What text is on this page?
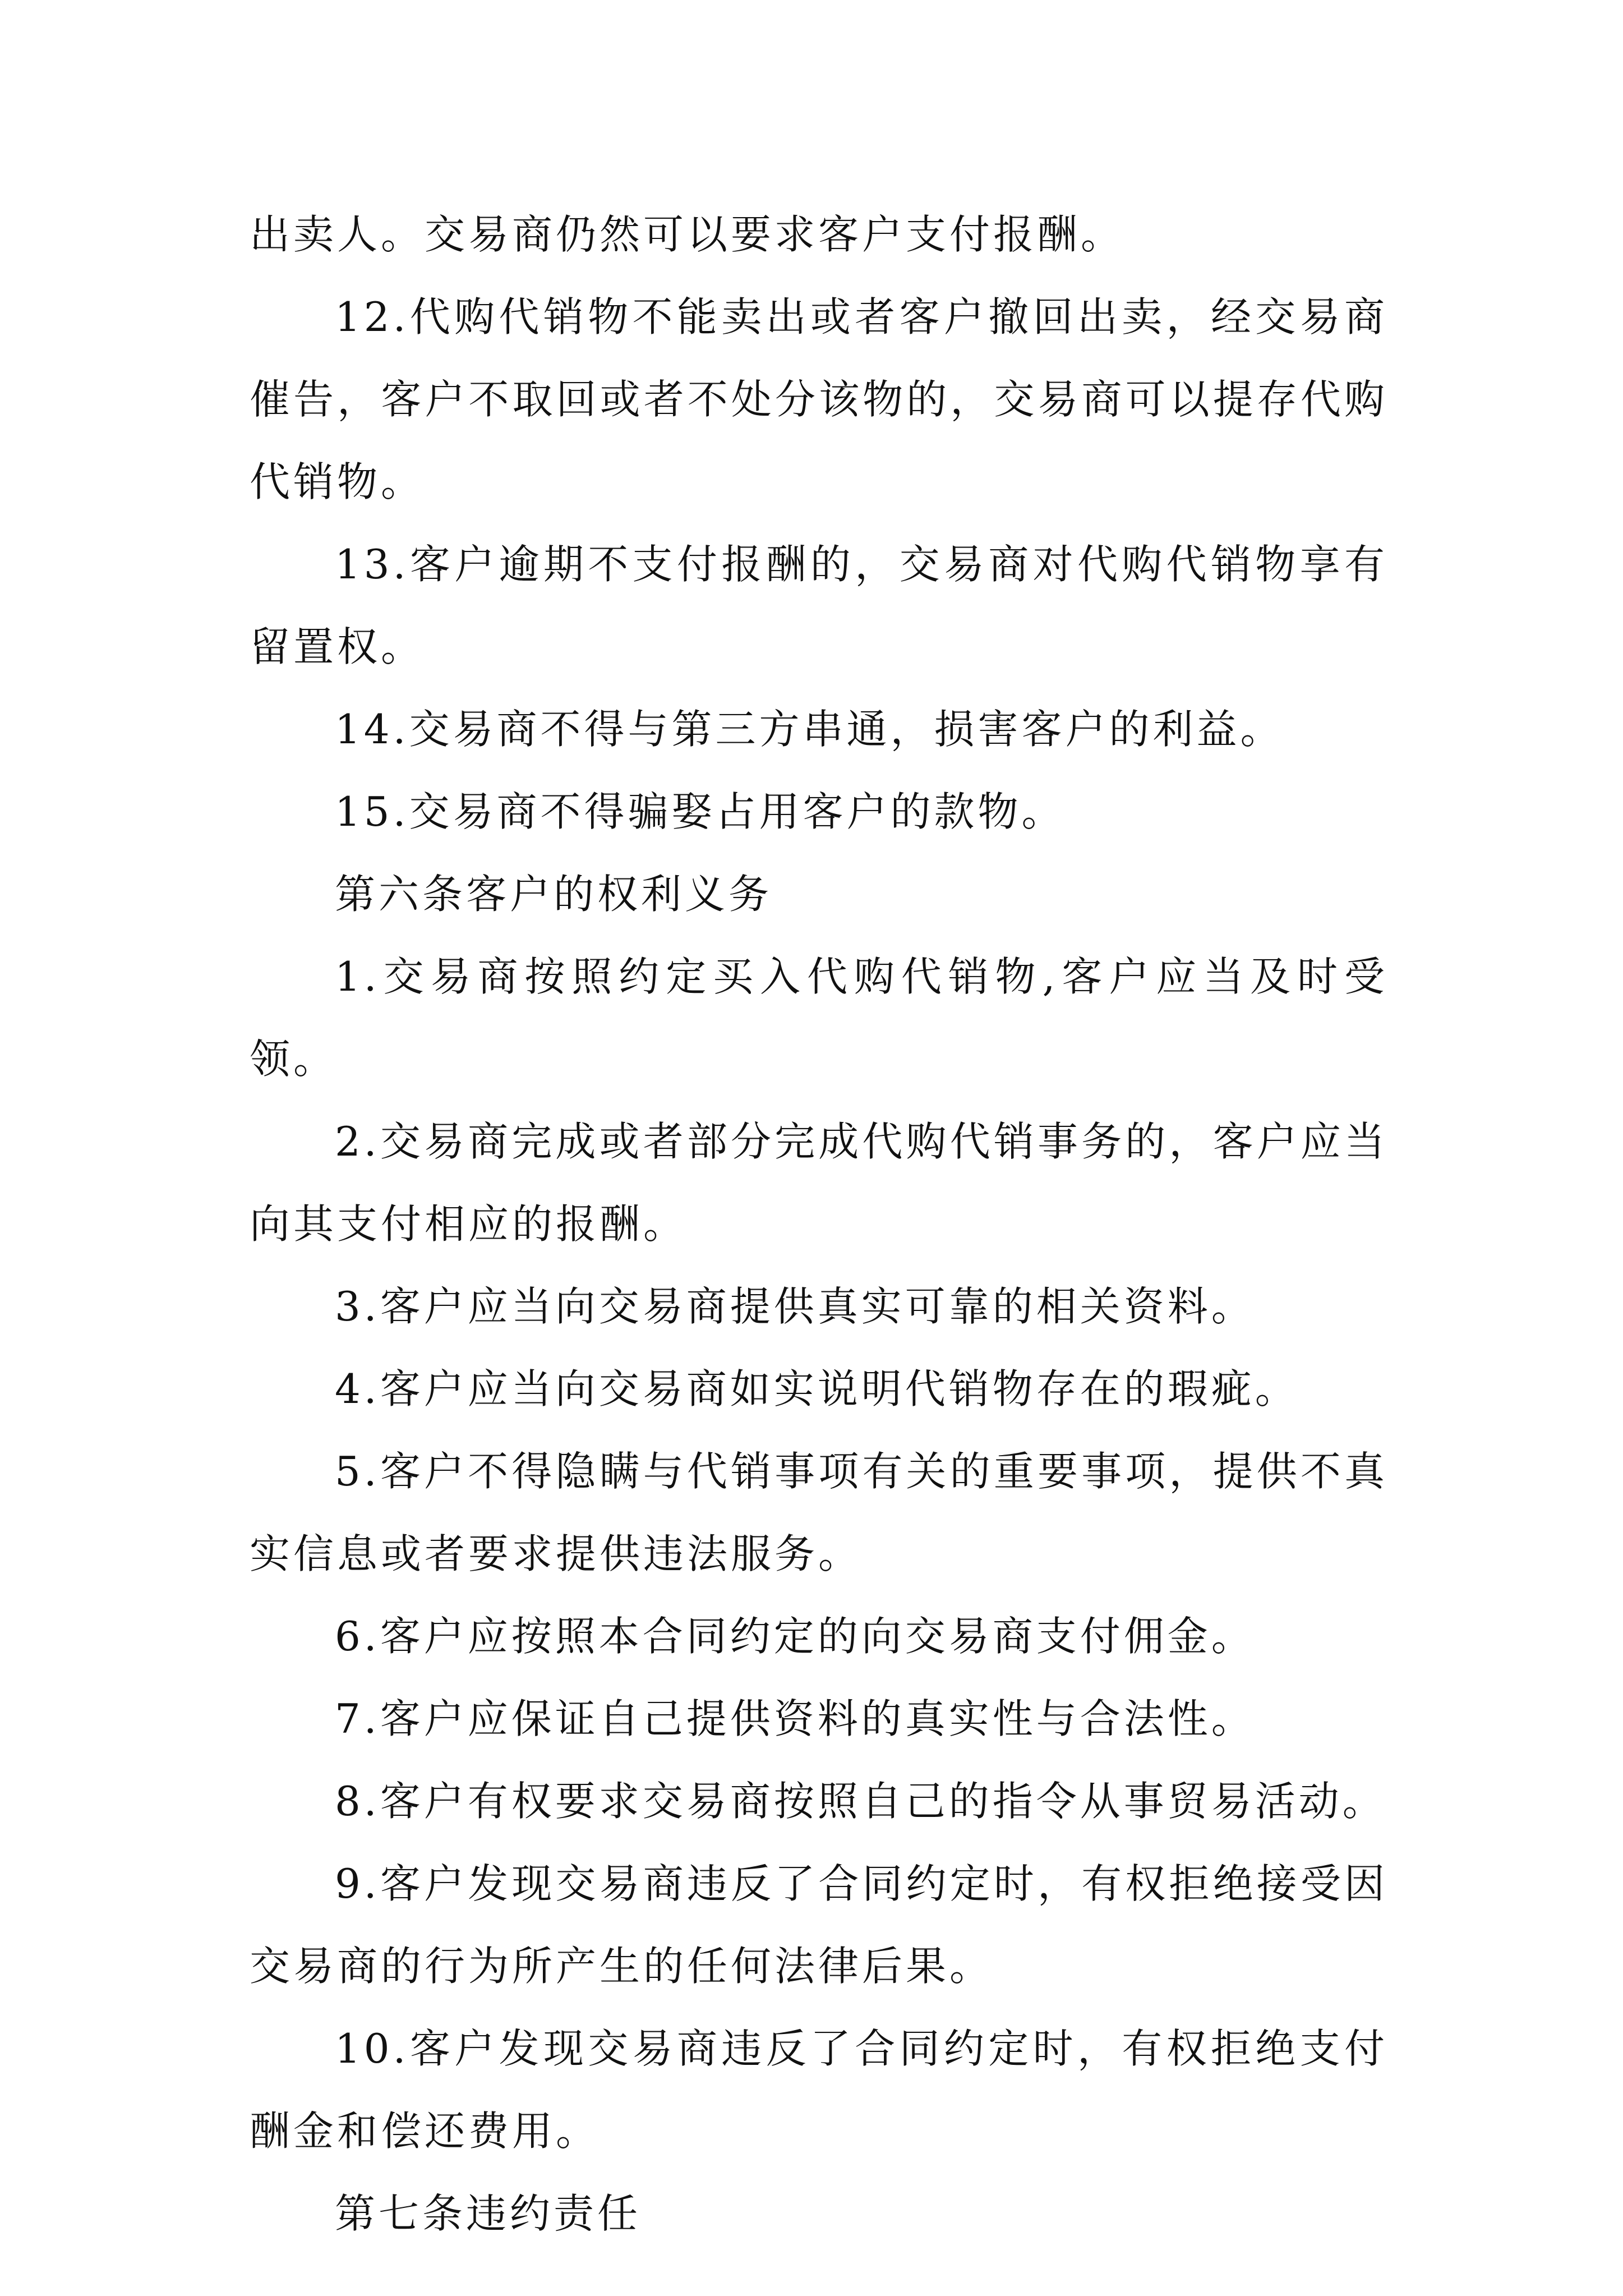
出卖人。交易商仍然可以要求客户支付报酬。

12.代购代销物不能卖出或者客户撤回出卖，经交易商催告，客户不取回或者不处分该物的，交易商可以提存代购代销物。

13.客户逾期不支付报酬的，交易商对代购代销物享有留置权。

14.交易商不得与第三方串通，损害客户的利益。

15.交易商不得骗娶占用客户的款物。

第六条客户的权利义务

1.交易商按照约定买入代购代销物,客户应当及时受领。

2.交易商完成或者部分完成代购代销事务的，客户应当向其支付相应的报酬。

3.客户应当向交易商提供真实可靠的相关资料。

4.客户应当向交易商如实说明代销物存在的瑕疵。

5.客户不得隐瞒与代销事项有关的重要事项，提供不真实信息或者要求提供违法服务。

6.客户应按照本合同约定的向交易商支付佣金。

7.客户应保证自己提供资料的真实性与合法性。

8.客户有权要求交易商按照自己的指令从事贸易活动。

9.客户发现交易商违反了合同约定时，有权拒绝接受因交易商的行为所产生的任何法律后果。

10.客户发现交易商违反了合同约定时，有权拒绝支付酬金和偿还费用。

第七条违约责任
